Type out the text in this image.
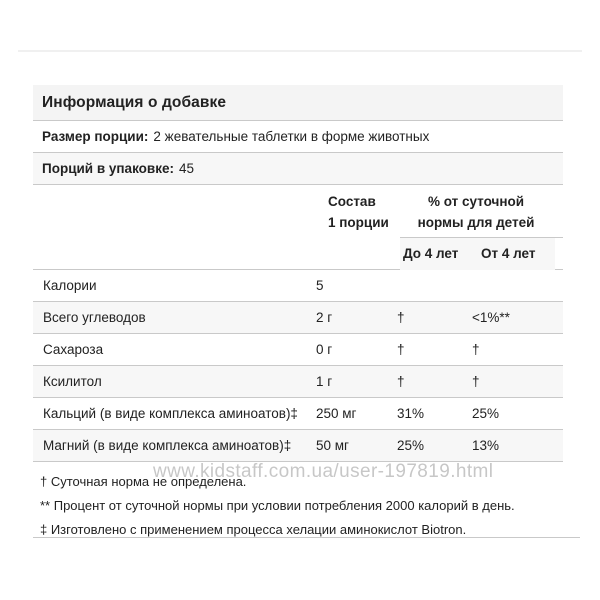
Информация о добавке
Размер порции: 2 жевательные таблетки в форме животных
Порций в упаковке: 45
Состав
1 порции
% от суточной
нормы для детей
До 4 лет От 4 лет
Калории	5
Всего углеводов	2 г	†	<1%**
Сахароза	0 г	†	†
Ксилитол	1 г	†	†
Кальций (в виде комплекса аминоатов)‡ 250 мг	31%	25%
Магний (в виде комплекса аминоатов)‡ 50 мг	25%	13%
† Суточная норма не определена.
** Процент от суточной нормы при условии потребления 2000 калорий в день.
‡ Изготовлено с применением процесса хелации аминокислот Biotron.
www.kidstaff.com.ua/user-197819.html
